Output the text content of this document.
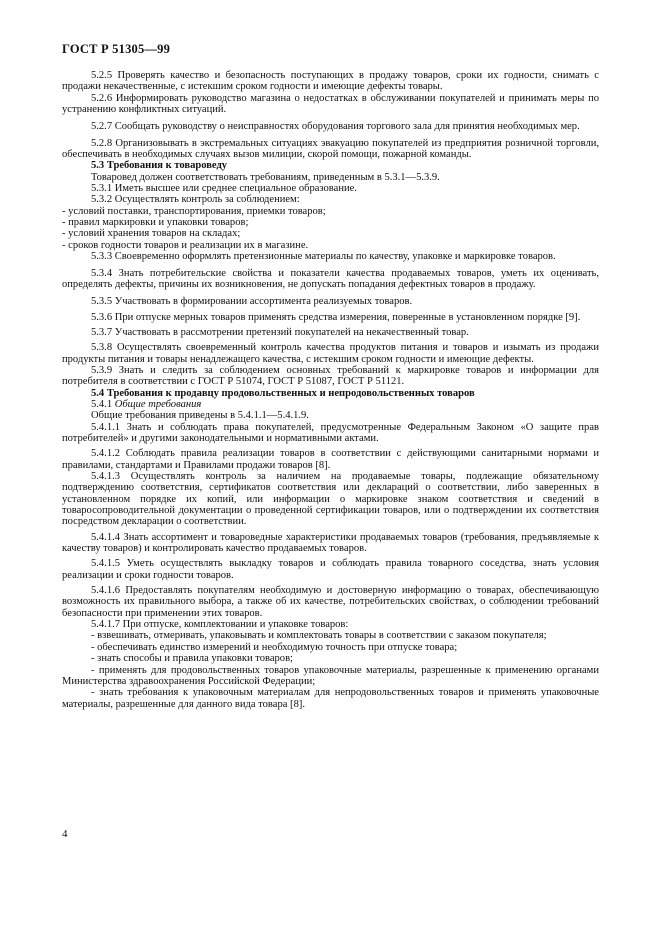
ГОСТ Р 51305—99

5.2.5 Проверять качество и безопасность поступающих в продажу товаров, сроки их годности, снимать с продажи некачественные, с истекшим сроком годности и имеющие дефекты товары.

5.2.6 Информировать руководство магазина о недостатках в обслуживании покупателей и принимать меры по устранению конфликтных ситуаций.

5.2.7 Сообщать руководству о неисправностях оборудования торгового зала для принятия необходимых мер.

5.2.8 Организовывать в экстремальных ситуациях эвакуацию покупателей из предприятия розничной торговли, обеспечивать в необходимых случаях вызов милиции, скорой помощи, пожарной команды.

5.3 Требования к товароведу

Товаровед должен соответствовать требованиям, приведенным в 5.3.1—5.3.9.

5.3.1 Иметь высшее или среднее специальное образование.

5.3.2 Осуществлять контроль за соблюдением:

- условий поставки, транспортирования, приемки товаров;

- правил маркировки и упаковки товаров;

- условий хранения товаров на складах;

- сроков годности товаров и реализации их в магазине.

5.3.3 Своевременно оформлять претензионные материалы по качеству, упаковке и маркировке товаров.

5.3.4 Знать потребительские свойства и показатели качества продаваемых товаров, уметь их оценивать, определять дефекты, причины их возникновения, не допускать попадания дефектных товаров в продажу.

5.3.5 Участвовать в формировании ассортимента реализуемых товаров.

5.3.6 При отпуске мерных товаров применять средства измерения, поверенные в установленном порядке [9].

5.3.7 Участвовать в рассмотрении претензий покупателей на некачественный товар.

5.3.8 Осуществлять своевременный контроль качества продуктов питания и товаров и изымать из продажи продукты питания и товары ненадлежащего качества, с истекшим сроком годности и имеющие дефекты.

5.3.9 Знать и следить за соблюдением основных требований к маркировке товаров и информации для потребителя в соответствии с ГОСТ Р 51074, ГОСТ Р 51087, ГОСТ Р 51121.

5.4 Требования к продавцу продовольственных и непродовольственных товаров

5.4.1 Общие требования

Общие требования приведены в 5.4.1.1—5.4.1.9.

5.4.1.1 Знать и соблюдать права покупателей, предусмотренные Федеральным Законом «О защите прав потребителей» и другими законодательными и нормативными актами.

5.4.1.2 Соблюдать правила реализации товаров в соответствии с действующими санитарными нормами и правилами, стандартами и Правилами продажи товаров [8].

5.4.1.3 Осуществлять контроль за наличием на продаваемые товары, подлежащие обязательному подтверждению соответствия, сертификатов соответствия или деклараций о соответствии, либо заверенных в установленном порядке их копий, или информации о маркировке знаком соответствия и сведений в товаросопроводительной документации о проведенной сертификации товаров, или о подтверждении их соответствия посредством декларации о соответствии.

5.4.1.4 Знать ассортимент и товароведные характеристики продаваемых товаров (требования, предъявляемые к качеству товаров) и контролировать качество продаваемых товаров.

5.4.1.5 Уметь осуществлять выкладку товаров и соблюдать правила товарного соседства, знать условия реализации и сроки годности товаров.

5.4.1.6 Предоставлять покупателям необходимую и достоверную информацию о товарах, обеспечивающую возможность их правильного выбора, а также об их качестве, потребительских свойствах, о соблюдении требований безопасности при применении этих товаров.

5.4.1.7 При отпуске, комплектовании и упаковке товаров:

- взвешивать, отмеривать, упаковывать и комплектовать товары в соответствии с заказом покупателя;

- обеспечивать единство измерений и необходимую точность при отпуске товара;

- знать способы и правила упаковки товаров;

- применять для продовольственных товаров упаковочные материалы, разрешенные к применению органами Министерства здравоохранения Российской Федерации;

- знать требования к упаковочным материалам для непродовольственных товаров и применять упаковочные материалы, разрешенные для данного вида товара [8].

4
